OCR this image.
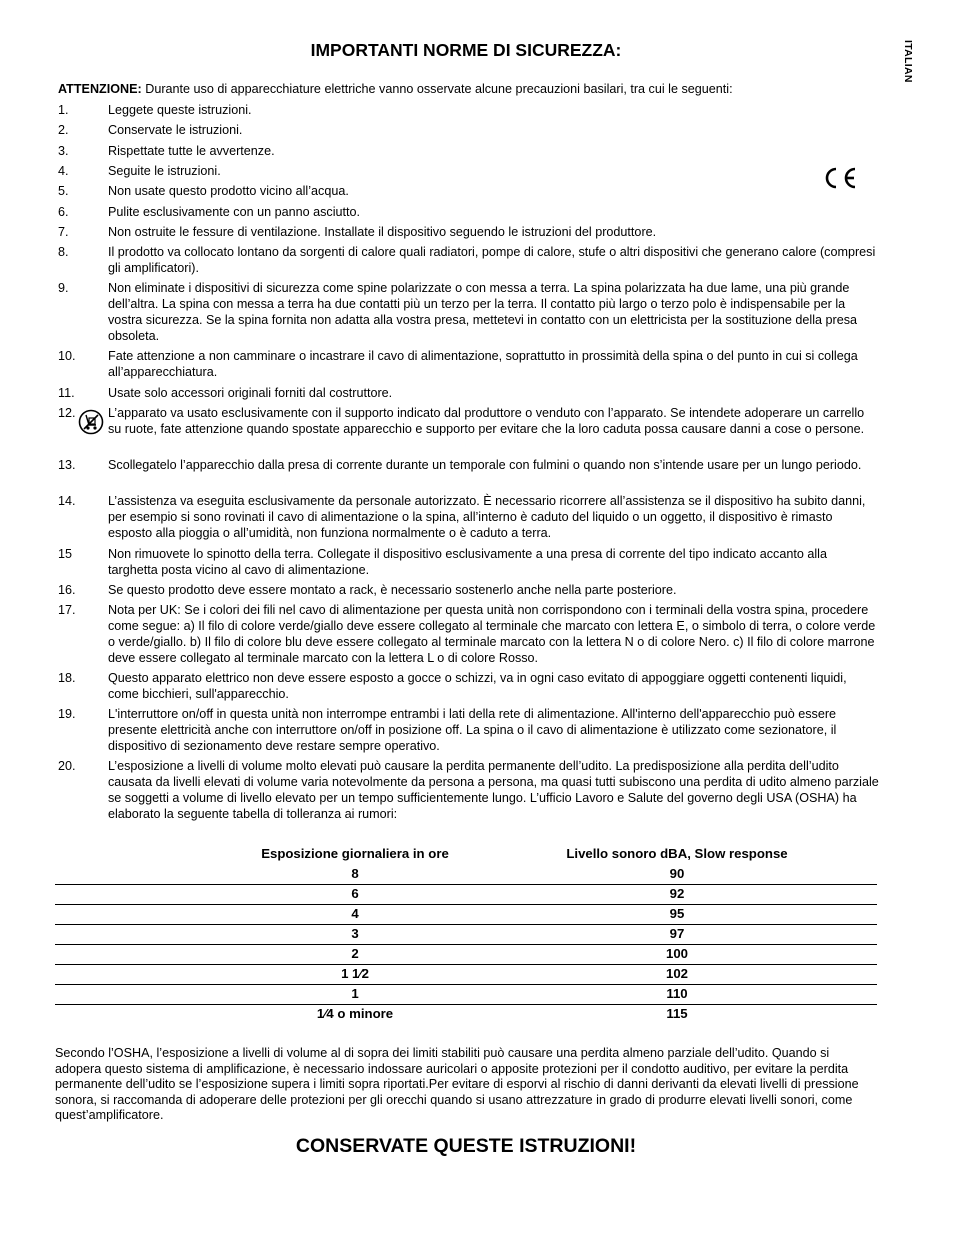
ITALIAN
IMPORTANTI NORME DI SICUREZZA:
ATTENZIONE: Durante uso di apparecchiature elettriche vanno osservate alcune precauzioni basilari, tra cui le seguenti:
1.	Leggete queste istruzioni.
2.	Conservate le istruzioni.
3.	Rispettate tutte le avvertenze.
4.	Seguite le istruzioni.
5.	Non usate questo prodotto vicino all’acqua.
6.	Pulite esclusivamente con un panno asciutto.
7.	Non ostruite le fessure di ventilazione. Installate il dispositivo seguendo le istruzioni del produttore.
8.	Il prodotto va collocato lontano da sorgenti di calore quali radiatori, pompe di calore, stufe o altri dispositivi che generano calore (compresi gli amplificatori).
9.	Non eliminate i dispositivi di sicurezza come spine polarizzate o con messa a terra. La spina polarizzata ha due lame, una più grande dell’altra. La spina con messa a terra ha due contatti più un terzo per la terra. Il contatto più largo o terzo polo è indispensabile per la vostra sicurezza. Se la spina fornita non adatta alla vostra presa, mettetevi in contatto con un elettricista per la sostituzione della presa obsoleta.
10.	Fate attenzione a non camminare o incastrare il cavo di alimentazione, soprattutto in prossimità della spina o del punto in cui si collega all’apparecchiatura.
11.	Usate solo accessori originali forniti dal costruttore.
12.	L’apparato va usato esclusivamente con il supporto indicato dal produttore o venduto con l’apparato. Se intendete adoperare un carrello su ruote, fate attenzione quando spostate apparecchio e supporto per evitare che la loro caduta possa causare danni a cose o persone.
13.	Scollegatelo l’apparecchio dalla presa di corrente durante un temporale con fulmini o quando non s’intende usare per un lungo periodo.
14.	L’assistenza va eseguita esclusivamente da personale autorizzato. È necessario ricorrere all’assistenza se il dispositivo ha subito danni, per esempio si sono rovinati il cavo di alimentazione o la spina, all’interno è caduto del liquido o un oggetto, il dispositivo è rimasto esposto alla pioggia o all’umidità, non funziona normalmente o è caduto a terra.
15	Non rimuovete lo spinotto della terra. Collegate il dispositivo esclusivamente a una presa di corrente del tipo indicato accanto alla targhetta posta vicino al cavo di alimentazione.
16.	Se questo prodotto deve essere montato a rack, è necessario sostenerlo anche nella parte posteriore.
17.	Nota per UK: Se i colori dei fili nel cavo di alimentazione per questa unità non corrispondono con i terminali della vostra spina, procedere come segue: a) Il filo di colore verde/giallo deve essere collegato al terminale che marcato con lettera E, o simbolo di terra, o colore verde o verde/giallo. b) Il filo di colore blu deve essere collegato al terminale marcato con la lettera N o di colore Nero. c) Il filo di colore marrone deve essere collegato al terminale marcato con la lettera L o di colore Rosso.
18.	Questo apparato elettrico non deve essere esposto a gocce o schizzi, va in ogni caso evitato di appoggiare oggetti contenenti liquidi, come bicchieri, sull'apparecchio.
19.	L'interruttore on/off in questa unità non interrompe entrambi i lati della rete di alimentazione. All'interno dell'apparecchio può essere presente elettricità anche con interruttore on/off in posizione off. La spina o il cavo di alimentazione è utilizzato come sezionatore, il dispositivo di sezionamento deve restare sempre operativo.
20.	L’esposizione a livelli di volume molto elevati può causare la perdita permanente dell’udito. La predisposizione alla perdita dell’udito causata da livelli elevati di volume varia notevolmente da persona a persona, ma quasi tutti subiscono una perdita di udito almeno parziale se soggetti a volume di livello elevato per un tempo sufficientemente lungo. L’ufficio Lavoro e Salute del governo degli USA (OSHA) ha elaborato la seguente tabella di tolleranza ai rumori:
Esposizione giornaliera in ore	Livello sonoro dBA, Slow response
8	90
6	92
4	95
3	97
2	100
1 1⁄2	102
1	110
1⁄4 o minore	115
Secondo l’OSHA, l’esposizione a livelli di volume al di sopra dei limiti stabiliti può causare una perdita almeno parziale dell’udito. Quando si adopera questo sistema di amplificazione, è necessario indossare auricolari o apposite protezioni per il condotto auditivo, per evitare la perdita permanente dell’udito se l’esposizione supera i limiti sopra riportati.Per evitare di esporvi al rischio di danni derivanti da elevati livelli di pressione sonora, si raccomanda di adoperare delle protezioni per gli orecchi quando si usano attrezzature in grado di produrre elevati livelli sonori, come quest’amplificatore.
CONSERVATE QUESTE ISTRUZIONI!
